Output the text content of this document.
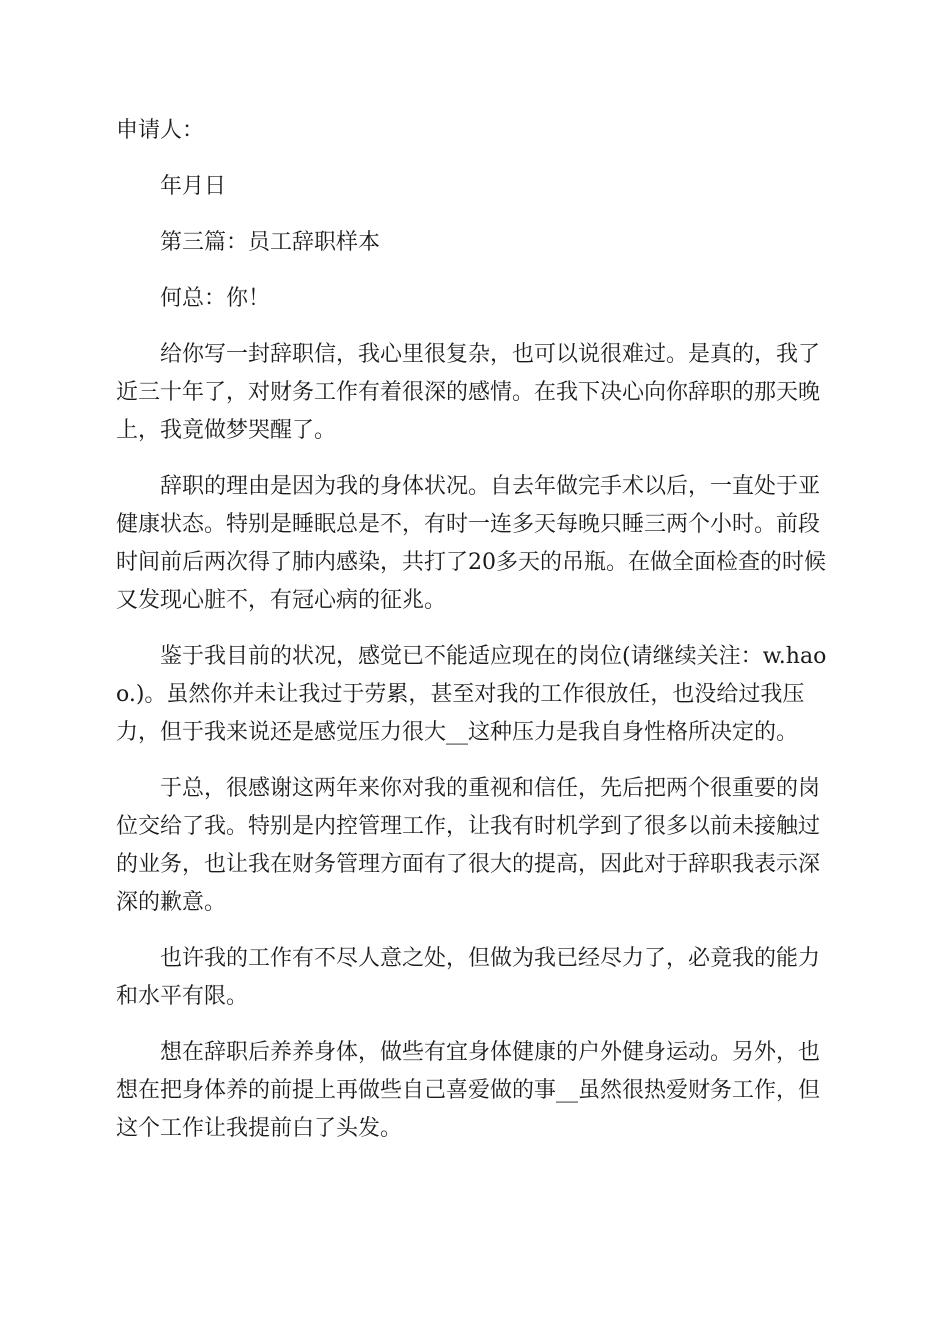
申请人：

年月日

第三篇：员工辞职样本

何总：你！

给你写一封辞职信，我心里很复杂，也可以说很难过。是真的，我了近三十年了，对财务工作有着很深的感情。在我下决心向你辞职的那天晚上，我竟做梦哭醒了。

辞职的理由是因为我的身体状况。自去年做完手术以后，一直处于亚健康状态。特别是睡眠总是不，有时一连多天每晚只睡三两个小时。前段时间前后两次得了肺内感染，共打了20多天的吊瓶。在做全面检查的时候又发现心脏不，有冠心病的征兆。

鉴于我目前的状况，感觉已不能适应现在的岗位(请继续关注：w.haoo.)。虽然你并未让我过于劳累，甚至对我的工作很放任，也没给过我压力，但于我来说还是感觉压力很大__这种压力是我自身性格所决定的。

于总，很感谢这两年来你对我的重视和信任，先后把两个很重要的岗位交给了我。特别是内控管理工作，让我有时机学到了很多以前未接触过的业务，也让我在财务管理方面有了很大的提高，因此对于辞职我表示深深的歉意。

也许我的工作有不尽人意之处，但做为我已经尽力了，必竟我的能力和水平有限。

想在辞职后养养身体，做些有宜身体健康的户外健身运动。另外，也想在把身体养的前提上再做些自己喜爱做的事__虽然很热爱财务工作，但这个工作让我提前白了头发。
